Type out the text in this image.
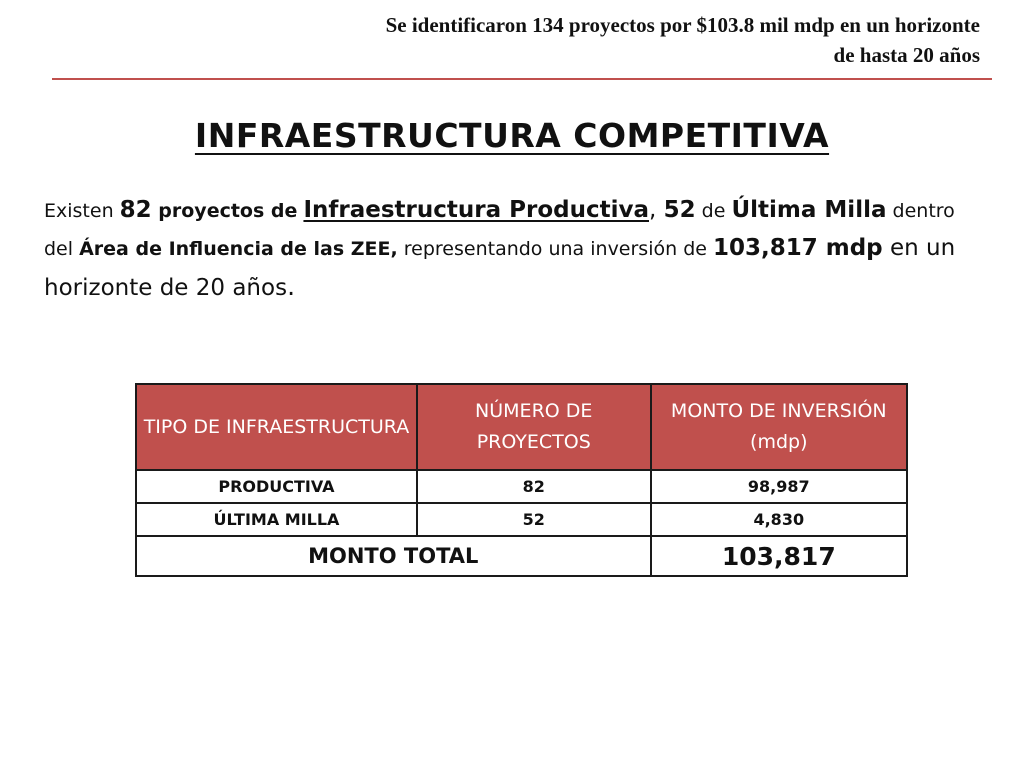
Se identificaron 134 proyectos por $103.8 mil mdp en un horizonte
de hasta 20 años
INFRAESTRUCTURA COMPETITIVA
Existen 82 proyectos de Infraestructura Productiva, 52 de Última Milla dentro del Área de Influencia de las ZEE, representando una inversión de 103,817 mdp en un horizonte de 20 años.
TIPO DE INFRAESTRUCTURA	NÚMERO DE PROYECTOS	MONTO DE INVERSIÓN (mdp)
PRODUCTIVA	82	98,987
ÚLTIMA MILLA	52	4,830
MONTO TOTAL		103,817
